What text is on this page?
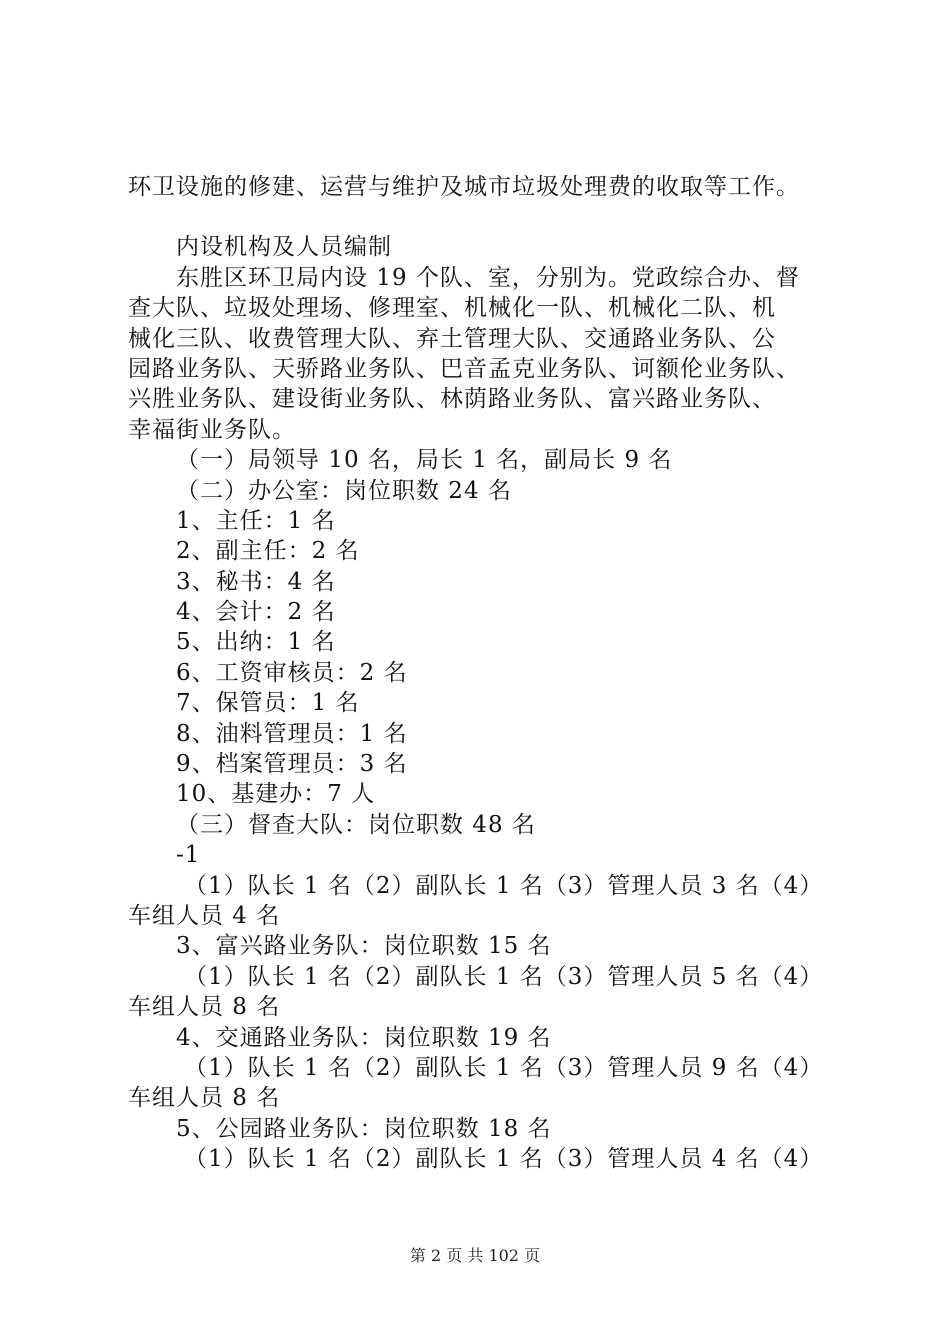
环卫设施的修建、运营与维护及城市垃圾处理费的收取等工作。
内设机构及人员编制
东胜区环卫局内设 19 个队、室，分别为。党政综合办、督
查大队、垃圾处理场、修理室、机械化一队、机械化二队、机
械化三队、收费管理大队、弃土管理大队、交通路业务队、公
园路业务队、天骄路业务队、巴音孟克业务队、诃额伦业务队、
兴胜业务队、建设街业务队、林荫路业务队、富兴路业务队、
幸福街业务队。
（一）局领导 10 名，局长 1 名，副局长 9 名
（二）办公室：岗位职数 24 名
1、主任：1 名
2、副主任：2 名
3、秘书：4 名
4、会计：2 名
5、出纳：1 名
6、工资审核员：2 名
7、保管员：1 名
8、油料管理员：1 名
9、档案管理员：3 名
10、基建办：7 人
（三）督查大队：岗位职数 48 名
-1
（1）队长 1 名（2）副队长 1 名（3）管理人员 3 名（4）
车组人员 4 名
3、富兴路业务队：岗位职数 15 名
（1）队长 1 名（2）副队长 1 名（3）管理人员 5 名（4）
车组人员 8 名
4、交通路业务队：岗位职数 19 名
（1）队长 1 名（2）副队长 1 名（3）管理人员 9 名（4）
车组人员 8 名
5、公园路业务队：岗位职数 18 名
（1）队长 1 名（2）副队长 1 名（3）管理人员 4 名（4）
第 2 页 共 102 页
